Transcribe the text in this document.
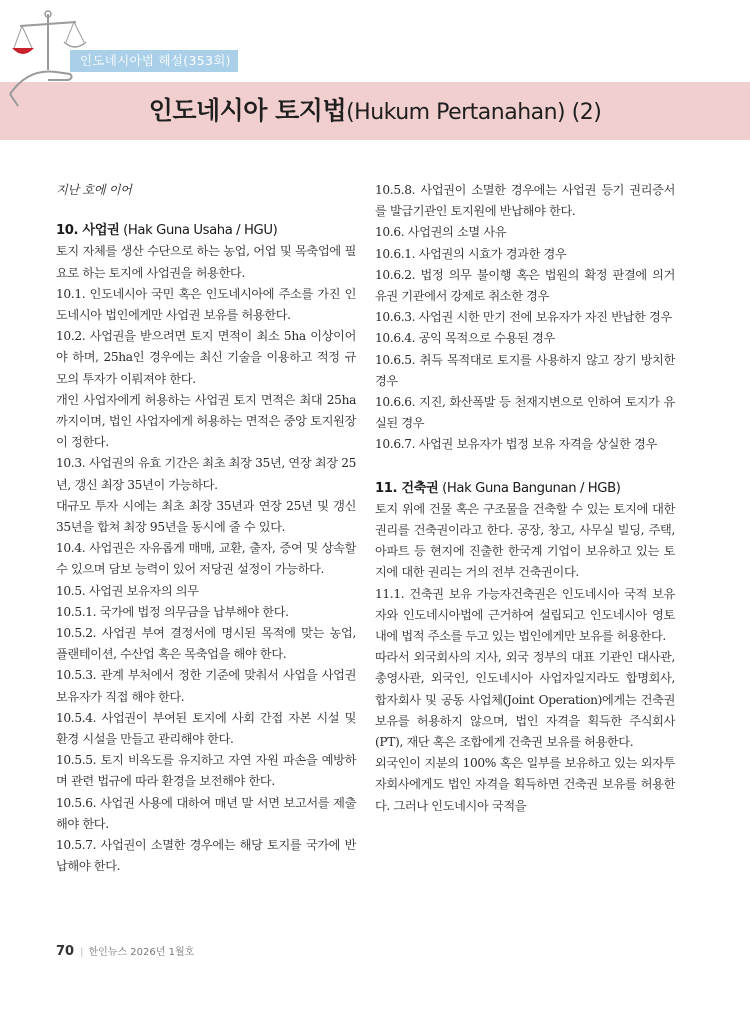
인도네시아법 해설(353회)
인도네시아 토지법(Hukum Pertanahan) (2)

지난 호에 이어

10. 사업권 (Hak Guna Usaha / HGU)

토지 자체를 생산 수단으로 하는 농업, 어업 및 목축업에 필요로 하는 토지에 사업권을 허용한다.

10.1. 인도네시아 국민 혹은 인도네시아에 주소를 가진 인도네시아 법인에게만 사업권 보유를 허용한다.

10.2. 사업권을 받으려면 토지 면적이 최소 5ha 이상이어야 하며, 25ha인 경우에는 최신 기술을 이용하고 적정 규모의 투자가 이뤄져야 한다.

개인 사업자에게 허용하는 사업권 토지 면적은 최대 25ha까지이며, 법인 사업자에게 허용하는 면적은 중앙 토지원장이 정한다.

10.3. 사업권의 유효 기간은 최초 최장 35년, 연장 최장 25년, 갱신 최장 35년이 가능하다.

대규모 투자 시에는 최초 최장 35년과 연장 25년 및 갱신 35년을 합쳐 최장 95년을 동시에 줄 수 있다.

10.4. 사업권은 자유롭게 매매, 교환, 출자, 증여 및 상속할 수 있으며 담보 능력이 있어 저당권 설정이 가능하다.

10.5. 사업권 보유자의 의무

10.5.1. 국가에 법정 의무금을 납부해야 한다.

10.5.2. 사업권 부여 결정서에 명시된 목적에 맞는 농업, 플랜테이션, 수산업 혹은 목축업을 해야 한다.

10.5.3. 관계 부처에서 정한 기준에 맞춰서 사업을 사업권 보유자가 직접 해야 한다.

10.5.4. 사업권이 부여된 토지에 사회 간접 자본 시설 및 환경 시설을 만들고 관리해야 한다.

10.5.5. 토지 비옥도를 유지하고 자연 자원 파손을 예방하며 관련 법규에 따라 환경을 보전해야 한다.

10.5.6. 사업권 사용에 대하여 매년 말 서면 보고서를 제출해야 한다.

10.5.7. 사업권이 소멸한 경우에는 해당 토지를 국가에 반납해야 한다.

10.5.8. 사업권이 소멸한 경우에는 사업권 등기 권리증서를 발급기관인 토지원에 반납해야 한다.

10.6. 사업권의 소멸 사유

10.6.1. 사업권의 시효가 경과한 경우

10.6.2. 법정 의무 불이행 혹은 법원의 확정 판결에 의거 유권 기관에서 강제로 취소한 경우

10.6.3. 사업권 시한 만기 전에 보유자가 자진 반납한 경우

10.6.4. 공익 목적으로 수용된 경우

10.6.5. 취득 목적대로 토지를 사용하지 않고 장기 방치한 경우

10.6.6. 지진, 화산폭발 등 천재지변으로 인하여 토지가 유실된 경우

10.6.7. 사업권 보유자가 법정 보유 자격을 상실한 경우

11. 건축권 (Hak Guna Bangunan / HGB)

토지 위에 건물 혹은 구조물을 건축할 수 있는 토지에 대한 권리를 건축권이라고 한다. 공장, 창고, 사무실 빌딩, 주택, 아파트 등 현지에 진출한 한국계 기업이 보유하고 있는 토지에 대한 권리는 거의 전부 건축권이다.

11.1. 건축권 보유 가능자건축권은 인도네시아 국적 보유자와 인도네시아법에 근거하여 설립되고 인도네시아 영토 내에 법적 주소를 두고 있는 법인에게만 보유를 허용한다.

따라서 외국회사의 지사, 외국 정부의 대표 기관인 대사관, 총영사관, 외국인, 인도네시아 사업자일지라도 합명회사, 합자회사 및 공동 사업체(Joint Operation)에게는 건축권 보유를 허용하지 않으며, 법인 자격을 획득한 주식회사(PT), 재단 혹은 조합에게 건축권 보유를 허용한다.

외국인이 지분의 100% 혹은 일부를 보유하고 있는 외자투자회사에게도 법인 자격을 획득하면 건축권 보유를 허용한다. 그러나 인도네시아 국적을

70 | 한인뉴스 2026년 1월호
